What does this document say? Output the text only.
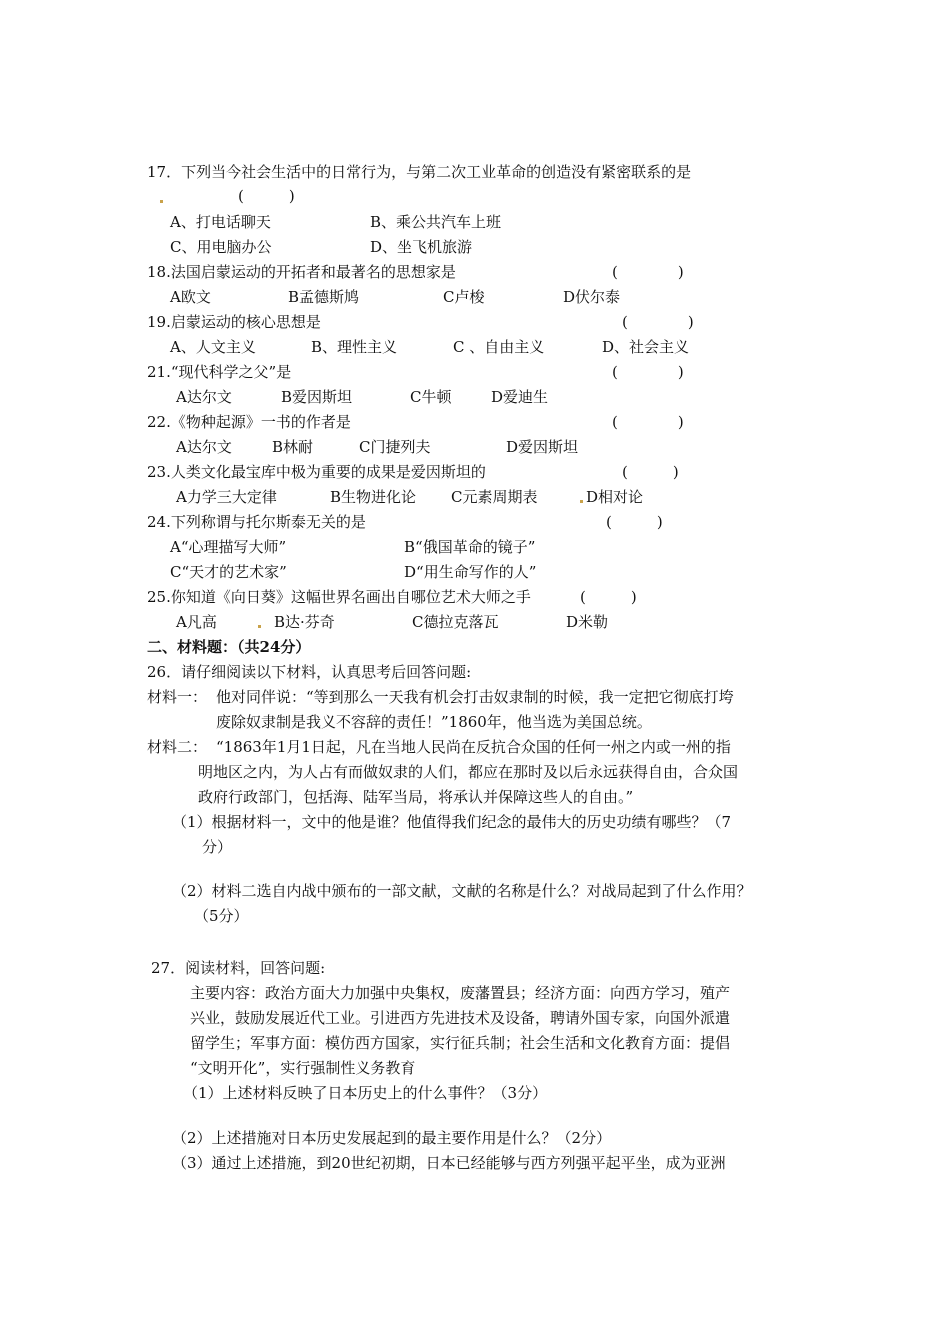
17．下列当今社会生活中的日常行为，与第二次工业革命的创造没有紧密联系的是
(　　　)
A、打电话聊天	B、乘公共汽车上班
C、用电脑办公	D、坐飞机旅游
18.法国启蒙运动的开拓者和最著名的思想家是	(　　　　)
A欧文	B孟德斯鸠	C卢梭	D伏尔泰
19.启蒙运动的核心思想是	(　　　　)
A、人文主义	B、理性主义	C 、自由主义	D、社会主义
21.“现代科学之父”是	(　　　　)
A达尔文	B爱因斯坦	C牛顿	D爱迪生
22.《物种起源》一书的作者是	(　　　　)
A达尔文	B林耐	C门捷列夫	D爱因斯坦
23.人类文化最宝库中极为重要的成果是爱因斯坦的	(　　　)
A力学三大定律	B生物进化论 C元素周期表	D相对论
24.下列称谓与托尔斯泰无关的是	(　　　)
A“心理描写大师”	B“俄国革命的镜子”
C“天才的艺术家”	D“用生命写作的人”
25.你知道《向日葵》这幅世界名画出自哪位艺术大师之手	(　　　)
A凡高	B达·芬奇	C德拉克落瓦	D米勒
二、材料题：（共24分）
26．请仔细阅读以下材料，认真思考后回答问题:
材料一： 他对同伴说：“等到那么一天我有机会打击奴隶制的时候，我一定把它彻底打垮
废除奴隶制是我义不容辞的责任！”1860年，他当选为美国总统。
材料二： “1863年1月1日起，凡在当地人民尚在反抗合众国的任何一州之内或一州的指
明地区之内，为人占有而做奴隶的人们，都应在那时及以后永远获得自由，合众国
政府行政部门，包括海、陆军当局，将承认并保障这些人的自由。”
（1）根据材料一，文中的他是谁？他值得我们纪念的最伟大的历史功绩有哪些？（7
分）
（2）材料二选自内战中颁布的一部文献，文献的名称是什么？对战局起到了什么作用？
（5分）
27．阅读材料，回答问题:
主要内容：政治方面大力加强中央集权，废藩置县；经济方面：向西方学习，殖产
兴业，鼓励发展近代工业。引进西方先进技术及设备，聘请外国专家，向国外派遣
留学生；军事方面：模仿西方国家，实行征兵制；社会生活和文化教育方面：提倡
“文明开化”，实行强制性义务教育
（1）上述材料反映了日本历史上的什么事件？（3分）
（2）上述措施对日本历史发展起到的最主要作用是什么？（2分）
（3）通过上述措施，到20世纪初期，日本已经能够与西方列强平起平坐，成为亚洲
